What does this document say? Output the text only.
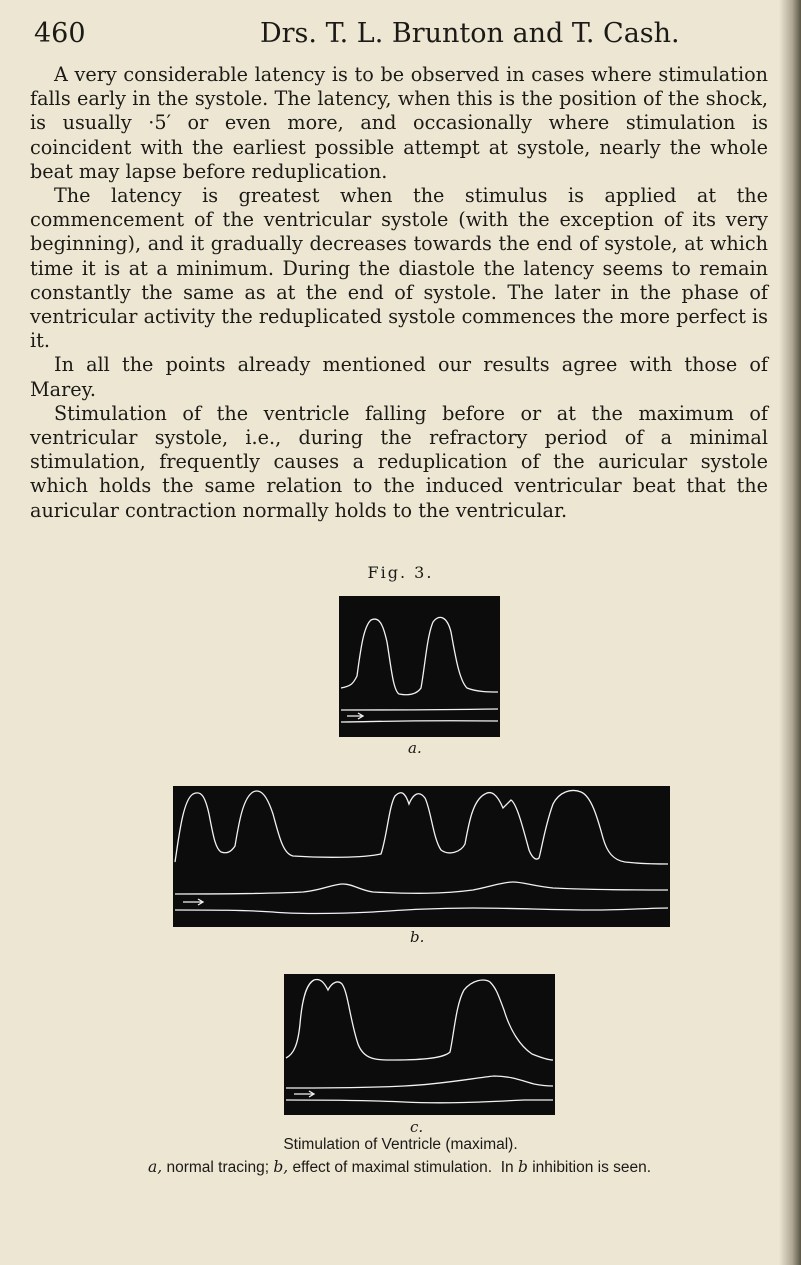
460	Drs. T. L. Brunton and T. Cash.

A very considerable latency is to be observed in cases where stimulation falls early in the systole. The latency, when this is the position of the shock, is usually ·5′ or even more, and occasionally where stimulation is coincident with the earliest possible attempt at systole, nearly the whole beat may lapse before reduplication.

The latency is greatest when the stimulus is applied at the commencement of the ventricular systole (with the exception of its very beginning), and it gradually decreases towards the end of systole, at which time it is at a minimum. During the diastole the latency seems to remain constantly the same as at the end of systole. The later in the phase of ventricular activity the reduplicated systole commences the more perfect is it.

In all the points already mentioned our results agree with those of Marey.

Stimulation of the ventricle falling before or at the maximum of ventricular systole, i.e., during the refractory period of a minimal stimulation, frequently causes a reduplication of the auricular systole which holds the same relation to the induced ventricular beat that the auricular contraction normally holds to the ventricular.

Fig. 3.
a.
b.
c.
Stimulation of Ventricle (maximal).
a, normal tracing; b, effect of maximal stimulation. In b inhibition is seen.
